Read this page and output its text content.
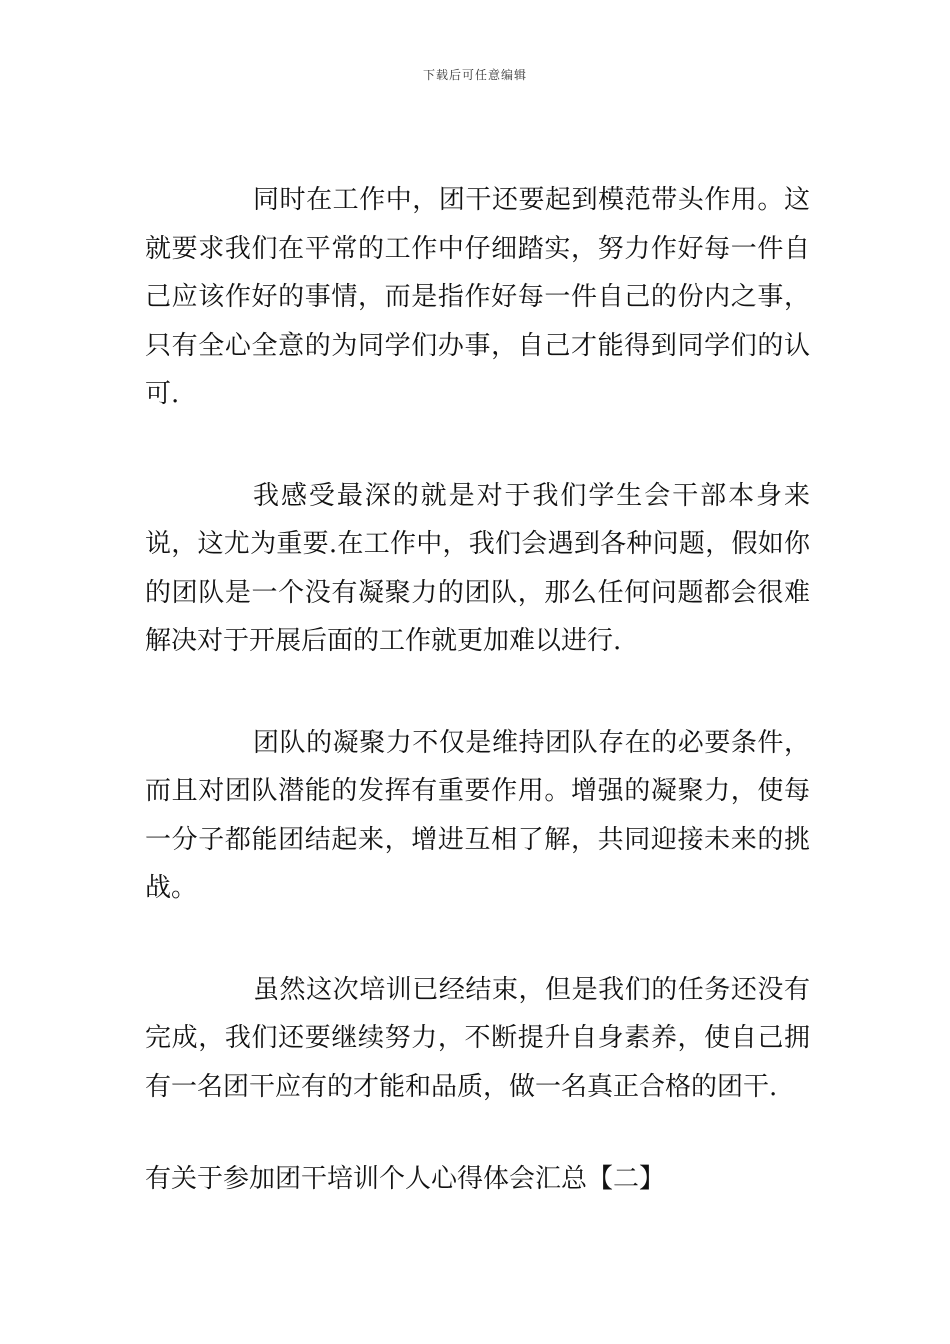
下载后可任意编辑

同时在工作中，团干还要起到模范带头作用。这就要求我们在平常的工作中仔细踏实，努力作好每一件自己应该作好的事情，而是指作好每一件自己的份内之事，只有全心全意的为同学们办事，自己才能得到同学们的认可.

我感受最深的就是对于我们学生会干部本身来说，这尤为重要.在工作中，我们会遇到各种问题，假如你的团队是一个没有凝聚力的团队，那么任何问题都会很难解决对于开展后面的工作就更加难以进行.

团队的凝聚力不仅是维持团队存在的必要条件，而且对团队潜能的发挥有重要作用。增强的凝聚力，使每一分子都能团结起来，增进互相了解，共同迎接未来的挑战。

虽然这次培训已经结束，但是我们的任务还没有完成，我们还要继续努力，不断提升自身素养，使自己拥有一名团干应有的才能和品质，做一名真正合格的团干.

有关于参加团干培训个人心得体会汇总【二】
